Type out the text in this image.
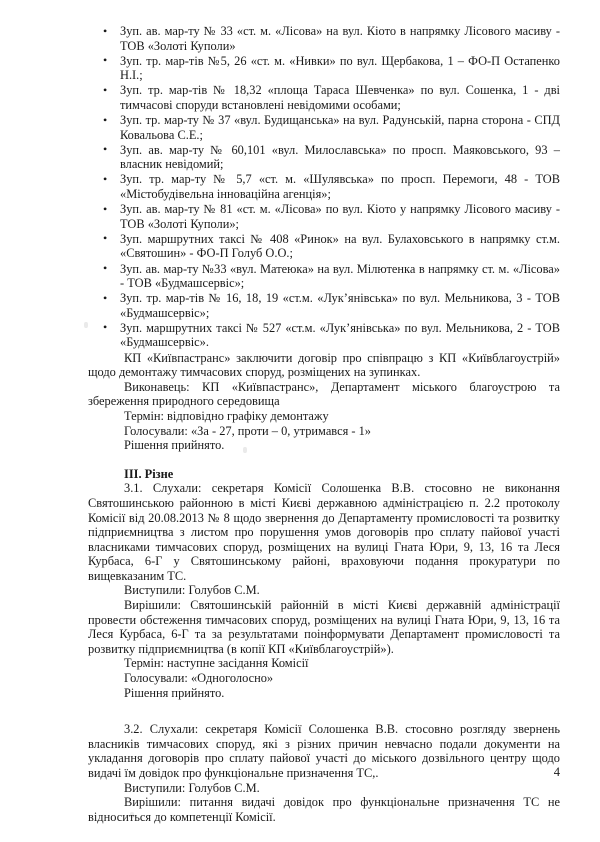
• Зуп. ав. мар-ту № 33 «ст. м. «Лісова» на вул. Кіото в напрямку Лісового масиву - ТОВ «Золоті Куполи»
• Зуп. тр. мар-тів №5, 26 «ст. м. «Нивки» по вул. Щербакова, 1 – ФО-П Остапенко Н.І.;
• Зуп. тр. мар-тів № 18,32 «площа Тараса Шевченка» по вул. Сошенка, 1 - дві тимчасові споруди встановлені невідомими особами;
• Зуп. тр. мар-ту № 37 «вул. Будищанська» на вул. Радунській, парна сторона - СПД Ковальова С.Е.;
• Зуп. ав. мар-ту № 60,101 «вул. Милославська» по просп. Маяковського, 93 – власник невідомий;
• Зуп. тр. мар-ту № 5,7 «ст. м. «Шулявська» по просп. Перемоги, 48 - ТОВ «Містобудівельна інноваційна агенція»;
• Зуп. ав. мар-ту № 81 «ст. м. «Лісова» по вул. Кіото у напрямку Лісового масиву - ТОВ «Золоті Куполи»;
• Зуп. маршрутних таксі № 408 «Ринок» на вул. Булаховського в напрямку ст.м. «Святошин» - ФО-П Голуб О.О.;
• Зуп. ав. мар-ту №33 «вул. Матеюка» на вул. Мілютенка в напрямку ст. м. «Лісова» - ТОВ «Будмашсервіс»;
• Зуп. тр. мар-тів № 16, 18, 19 «ст.м. «Лук’янівська» по вул. Мельникова, 3 - ТОВ «Будмашсервіс»;
• Зуп. маршрутних таксі № 527 «ст.м. «Лук’янівська» по вул. Мельникова, 2 - ТОВ «Будмашсервіс».

КП «Київпастранс» заключити договір про співпрацю з КП «Київблагоустрій» щодо демонтажу тимчасових споруд, розміщених на зупинках.

Виконавець: КП «Київпастранс», Департамент міського благоустрою та збереження природного середовища

Термін: відповідно графіку демонтажу

Голосували: «За - 27, проти – 0, утримався - 1»

Рішення прийнято.

III. Різне

3.1. Слухали: секретаря Комісії Солошенка В.В. стосовно не виконання Святошинською районною в місті Києві державною адміністрацією п. 2.2 протоколу Комісії від 20.08.2013 № 8 щодо звернення до Департаменту промисловості та розвитку підприємництва з листом про порушення умов договорів про сплату пайової участі власниками тимчасових споруд, розміщених на вулиці Гната Юри, 9, 13, 16 та Леся Курбаса, 6-Г у Святошинському районі, враховуючи подання прокуратури по вищевказаним ТС.

Виступили: Голубов С.М.

Вирішили: Святошинській районній в місті Києві державній адміністрації провести обстеження тимчасових споруд, розміщених на вулиці Гната Юри, 9, 13, 16 та Леся Курбаса, 6-Г та за результатами поінформувати Департамент промисловості та розвитку підприємництва (в копії КП «Київблагоустрій»).

Термін: наступне засідання Комісії

Голосували: «Одноголосно»

Рішення прийнято.

3.2. Слухали: секретаря Комісії Солошенка В.В. стосовно розгляду звернень власників тимчасових споруд, які з різних причин невчасно подали документи на укладання договорів про сплату пайової участі до міського дозвільного центру щодо видачі їм довідок про функціональне призначення ТС,.

Виступили: Голубов С.М.

Вирішили: питання видачі довідок про функціональне призначення ТС не відноситься до компетенції Комісії.

4
